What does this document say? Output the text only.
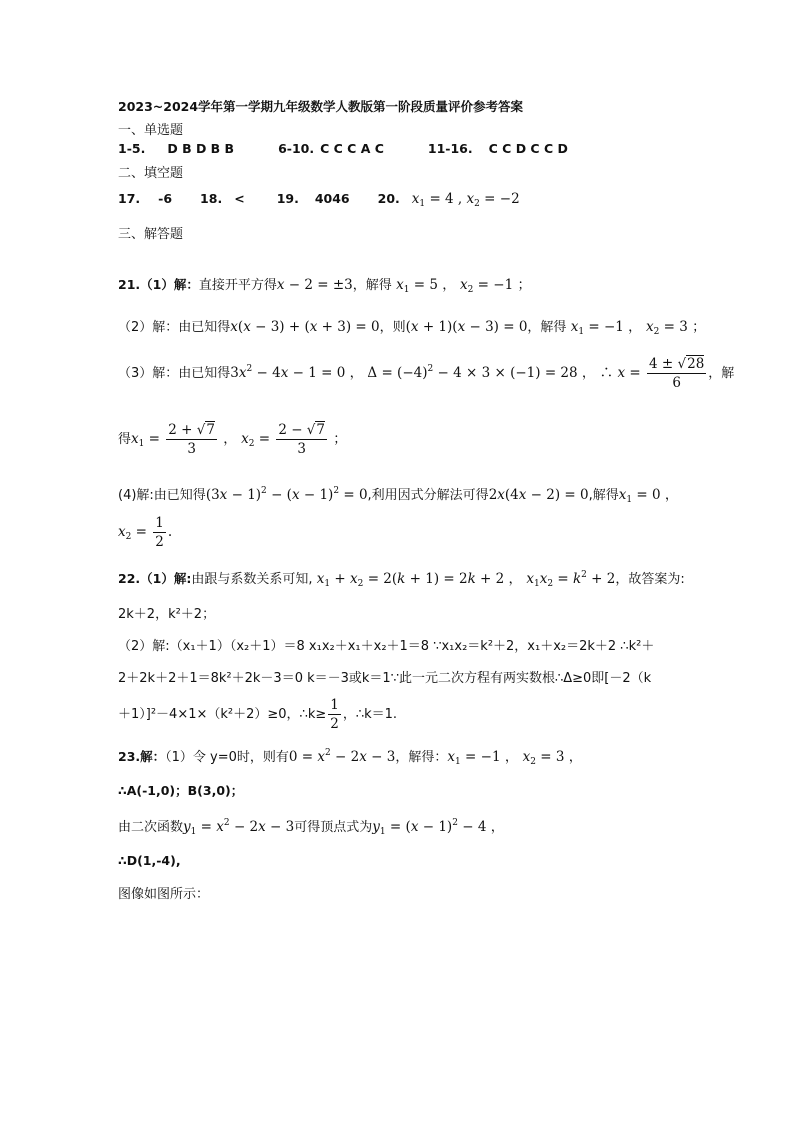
2023~2024学年第一学期九年级数学人教版第一阶段质量评价参考答案
一、单选题
1-5. D B D B B	6-10. C C C A C	11-16. C C D C C D
二、填空题
17. -6 18. <	19. 4046 20. $x_1 = 4$ , $x_2 = -2$
三、解答题
21.（1）解：直接开平方得x − 2 = ±3，解得 $x_1 = 5$ ， $x_2 = -1$ ；
（2）解：由已知得x(x − 3) + (x + 3) = 0，则(x + 1)(x − 3) = 0，解得 $x_1 = -1$ ， $x_2 = 3$ ；
（3）解：由已知得$3x^2 - 4x - 1 = 0$ ， $\Delta = (-4)^2 - 4 \times 3 \times (-1) = 28$ ， ∴ $x = \frac{4 \pm √28}{6}$ ，解
得$x_1 = \frac{2 + √7}{3}$ ， $x_2 = \frac{2 - √7}{3}$ ；
(4)解:由已知得$(3x - 1)^2 - (x - 1)^2 = 0$,利用因式分解法可得2x(4x − 2) = 0,解得$x_1 = 0$ ，
$x_2 = \frac{1}{2}$ .
22.（1）解:由跟与系数关系可知, $x_1 + x_2 = 2(k + 1) = 2k + 2$ ， $x_1x_2 = k^2 + 2$，故答案为:
2k＋2，k²＋2；
（2）解:（x₁＋1）（x₂＋1）＝8 x₁x₂＋x₁＋x₂＋1＝8 ∵x₁x₂＝k²＋2，x₁＋x₂＝2k＋2 ∴k²＋
2＋2k＋2＋1＝8k²＋2k－3＝0 k＝－3或k＝1∵此一元二次方程有两实数根∴Δ≥0即[－2（k
＋1）]²－4×1×（k²＋2）≥0，∴k≥ $\frac{1}{2}$ ，∴k＝1.
23.解：（1）令 y=0时，则有$0 = x^2 - 2x - 3$，解得：$x_1 = -1$ ， $x_2 = 3$ ，
∴A(-1,0)；B(3,0)；
由二次函数$y_1 = x^2 - 2x - 3$可得顶点式为$y_1 = (x - 1)^2 - 4$ ，
∴D(1,-4),
图像如图所示：
